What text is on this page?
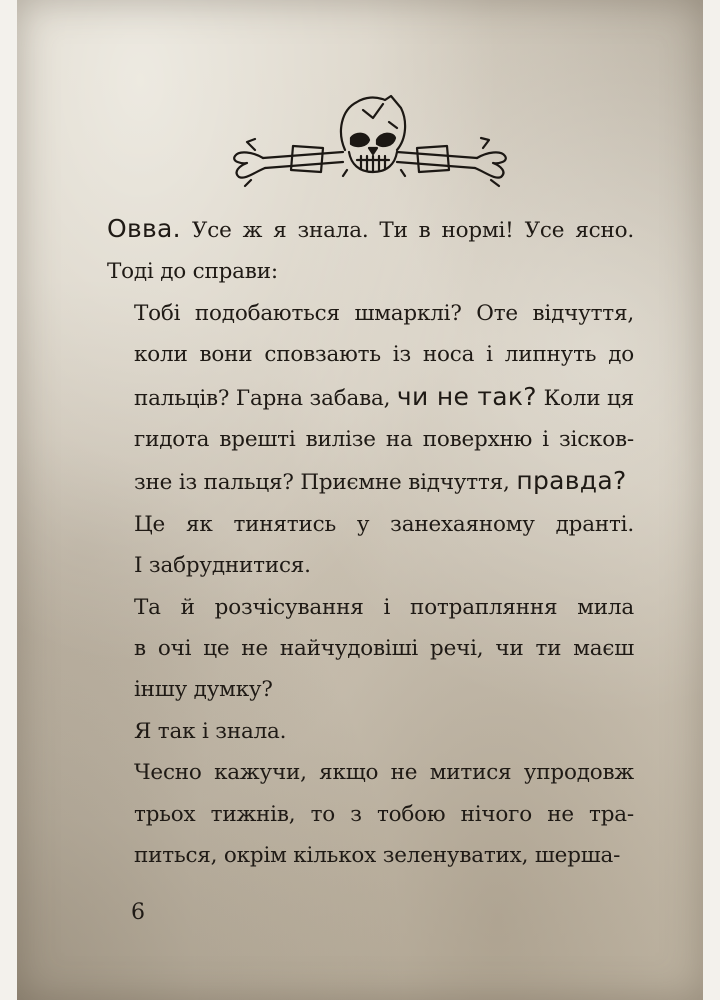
Овва. Усе ж я знала. Ти в нормі! Усе ясно.
Тоді до справи:

Тобі подобаються шмарклі? Оте відчуття,
коли вони сповзають із носа і липнуть до
пальців? Гарна забава, чи не так? Коли ця
гидота врешті вилізе на поверхню і зісков-
зне із пальця? Приємне відчуття, правда?

Це як тинятись у занехаяному дранті.
І забруднитися.

Та й розчісування і потрапляння мила
в очі це не найчудовіші речі, чи ти маєш
іншу думку?

Я так і знала.

Чесно кажучи, якщо не митися упродовж
трьох тижнів, то з тобою нічого не тра-
питься, окрім кількох зеленуватих, шерша-

6
